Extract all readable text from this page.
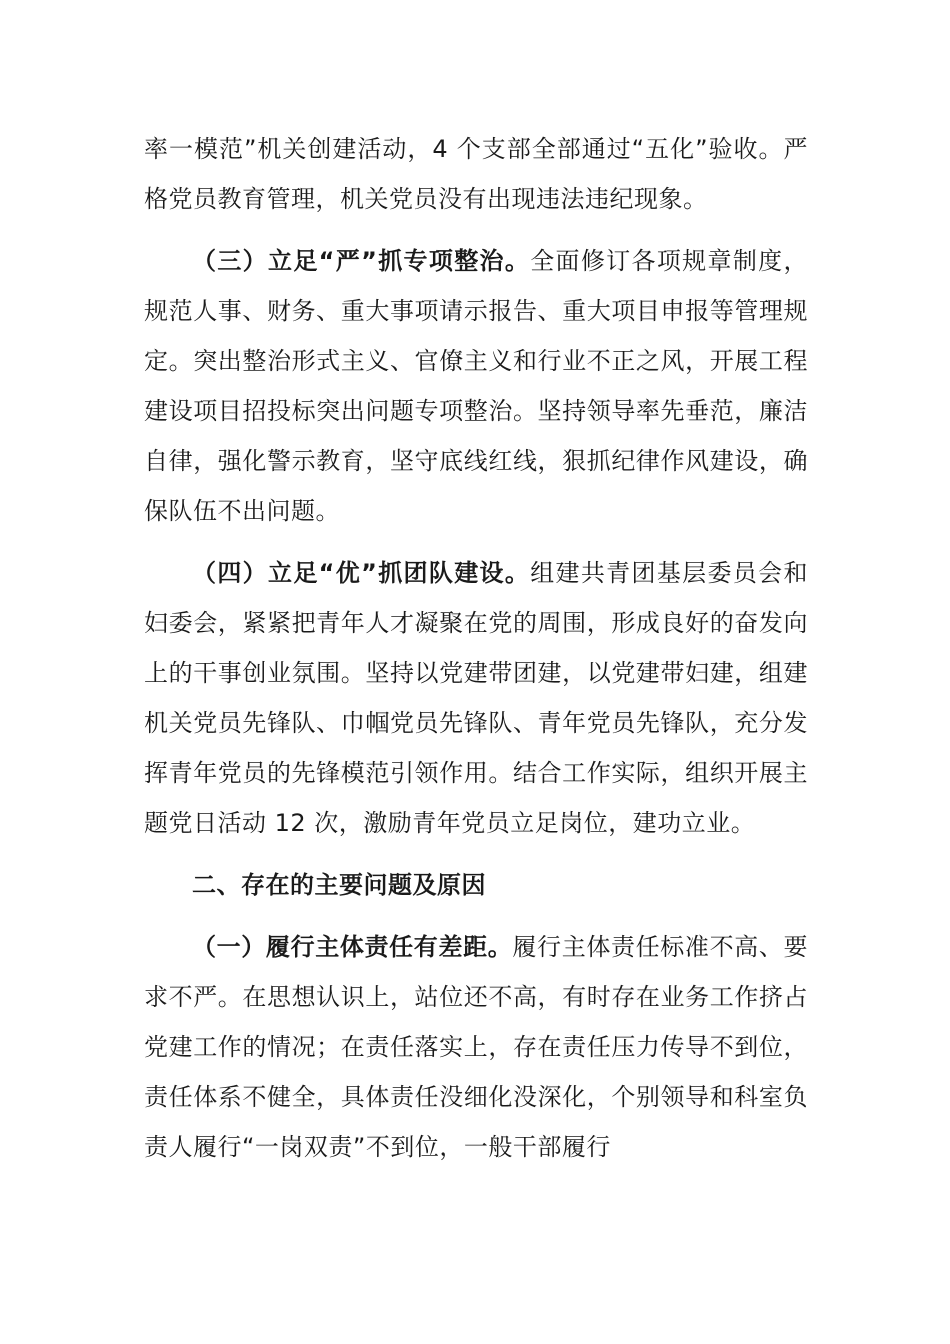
率一模范”机关创建活动，4 个支部全部通过“五化”验收。严格党员教育管理，机关党员没有出现违法违纪现象。

（三）立足“严”抓专项整治。全面修订各项规章制度，规范人事、财务、重大事项请示报告、重大项目申报等管理规定。突出整治形式主义、官僚主义和行业不正之风，开展工程建设项目招投标突出问题专项整治。坚持领导率先垂范，廉洁自律，强化警示教育，坚守底线红线，狠抓纪律作风建设，确保队伍不出问题。

（四）立足“优”抓团队建设。组建共青团基层委员会和妇委会，紧紧把青年人才凝聚在党的周围，形成良好的奋发向上的干事创业氛围。坚持以党建带团建，以党建带妇建，组建机关党员先锋队、巾帼党员先锋队、青年党员先锋队，充分发挥青年党员的先锋模范引领作用。结合工作实际，组织开展主题党日活动 12 次，激励青年党员立足岗位，建功立业。

二、存在的主要问题及原因

（一）履行主体责任有差距。履行主体责任标准不高、要求不严。在思想认识上，站位还不高，有时存在业务工作挤占党建工作的情况；在责任落实上，存在责任压力传导不到位，责任体系不健全，具体责任没细化没深化，个别领导和科室负责人履行“一岗双责”不到位，一般干部履行
